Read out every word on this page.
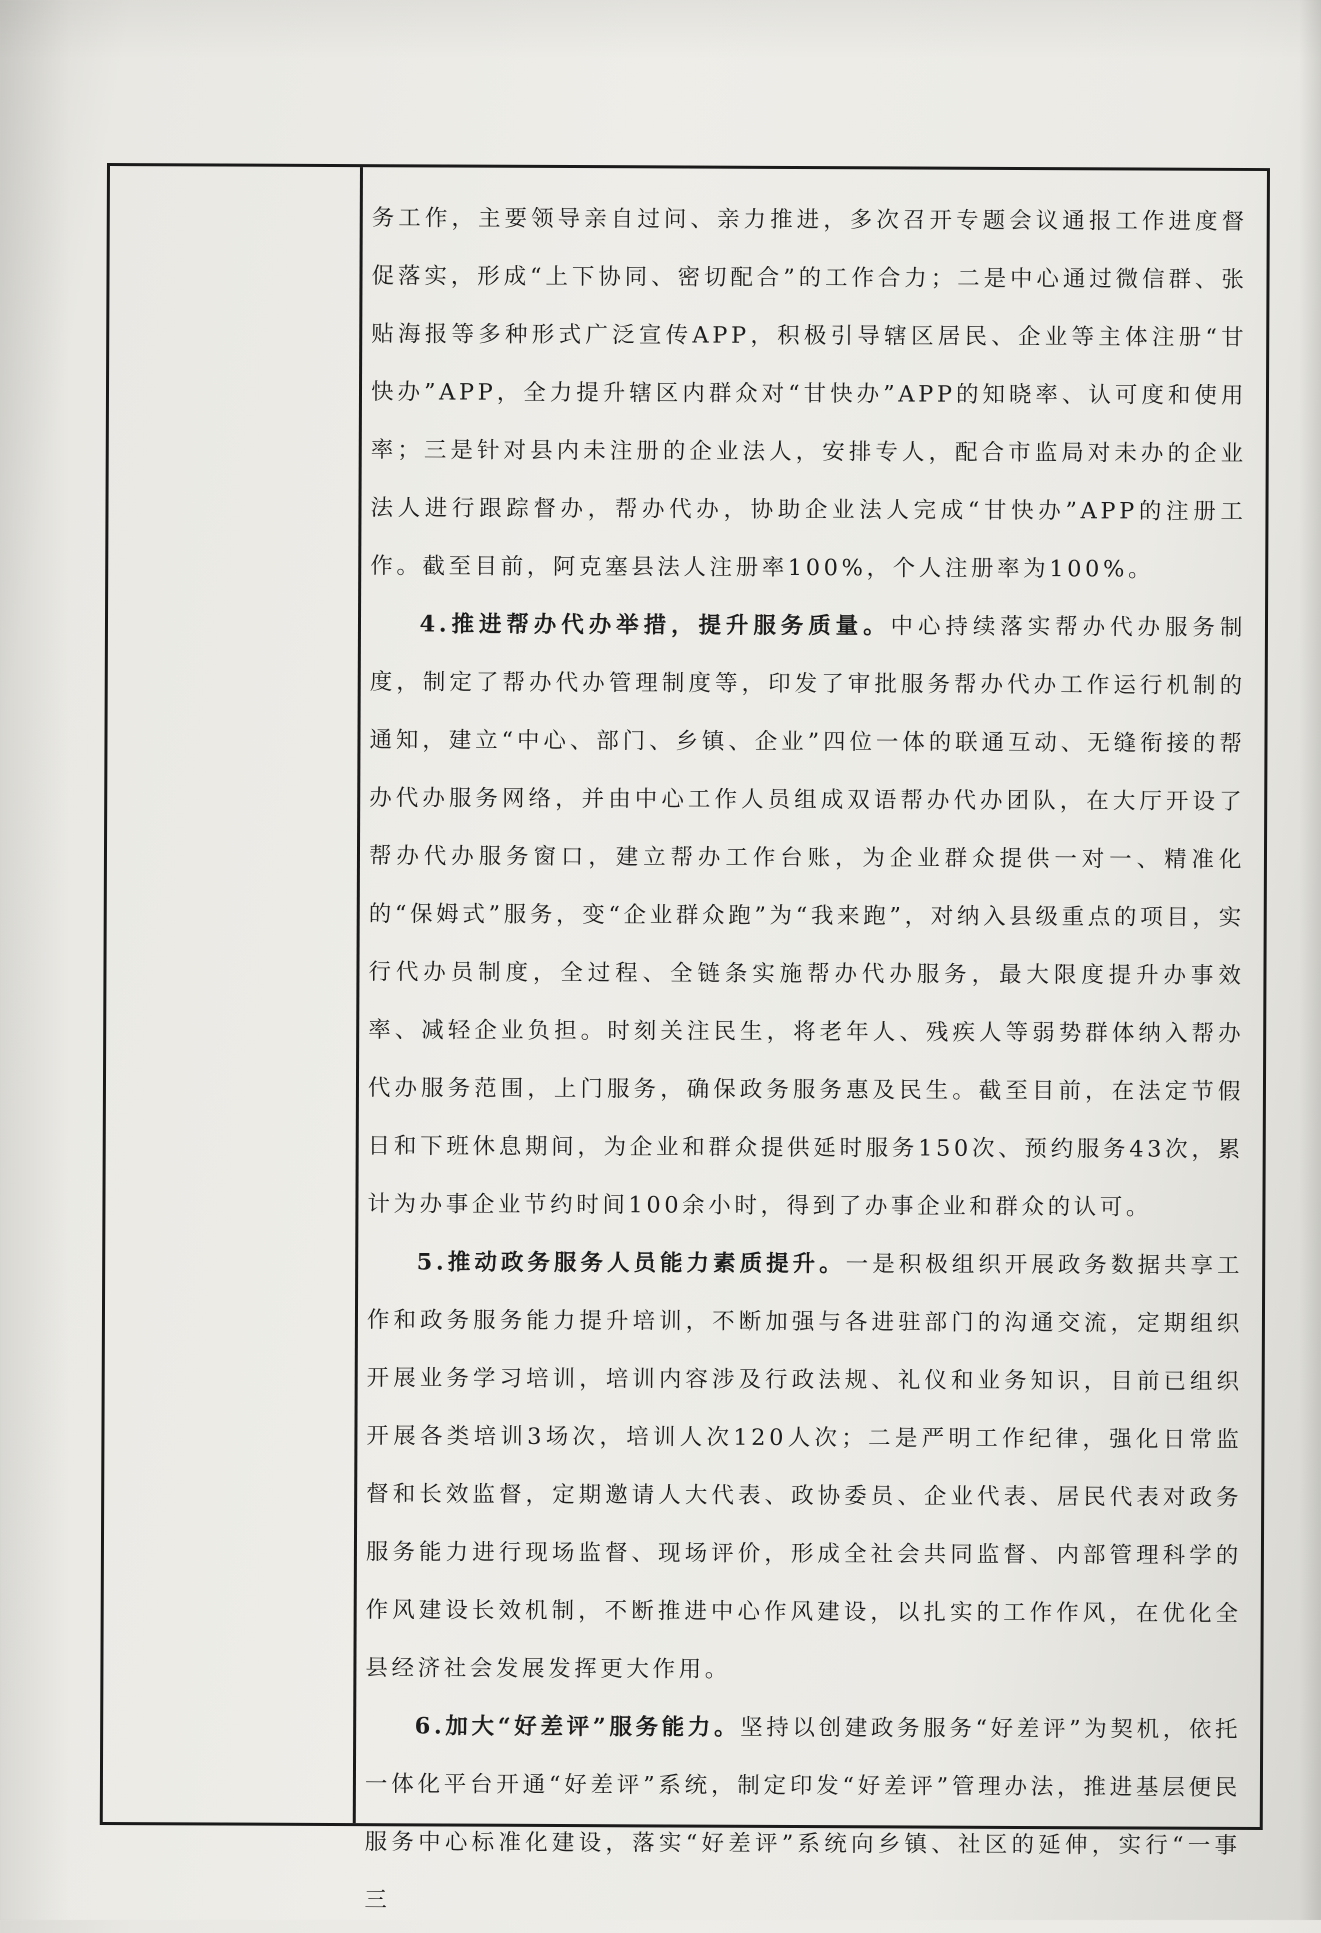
务工作，主要领导亲自过问、亲力推进，多次召开专题会议通报工作进度督促落实，形成“上下协同、密切配合”的工作合力；二是中心通过微信群、张贴海报等多种形式广泛宣传APP，积极引导辖区居民、企业等主体注册“甘快办”APP，全力提升辖区内群众对“甘快办”APP的知晓率、认可度和使用率；三是针对县内未注册的企业法人，安排专人，配合市监局对未办的企业法人进行跟踪督办，帮办代办，协助企业法人完成“甘快办”APP的注册工作。截至目前，阿克塞县法人注册率100%，个人注册率为100%。

4.推进帮办代办举措，提升服务质量。中心持续落实帮办代办服务制度，制定了帮办代办管理制度等，印发了审批服务帮办代办工作运行机制的通知，建立“中心、部门、乡镇、企业”四位一体的联通互动、无缝衔接的帮办代办服务网络，并由中心工作人员组成双语帮办代办团队，在大厅开设了帮办代办服务窗口，建立帮办工作台账，为企业群众提供一对一、精准化的“保姆式”服务，变“企业群众跑”为“我来跑”，对纳入县级重点的项目，实行代办员制度，全过程、全链条实施帮办代办服务，最大限度提升办事效率、减轻企业负担。时刻关注民生，将老年人、残疾人等弱势群体纳入帮办代办服务范围，上门服务，确保政务服务惠及民生。截至目前，在法定节假日和下班休息期间，为企业和群众提供延时服务150次、预约服务43次，累计为办事企业节约时间100余小时，得到了办事企业和群众的认可。

5.推动政务服务人员能力素质提升。一是积极组织开展政务数据共享工作和政务服务能力提升培训，不断加强与各进驻部门的沟通交流，定期组织开展业务学习培训，培训内容涉及行政法规、礼仪和业务知识，目前已组织开展各类培训3场次，培训人次120人次；二是严明工作纪律，强化日常监督和长效监督，定期邀请人大代表、政协委员、企业代表、居民代表对政务服务能力进行现场监督、现场评价，形成全社会共同监督、内部管理科学的作风建设长效机制，不断推进中心作风建设，以扎实的工作作风，在优化全县经济社会发展发挥更大作用。

6.加大“好差评”服务能力。坚持以创建政务服务“好差评”为契机，依托一体化平台开通“好差评”系统，制定印发“好差评”管理办法，推进基层便民服务中心标准化建设，落实“好差评”系统向乡镇、社区的延伸，实行“一事三
